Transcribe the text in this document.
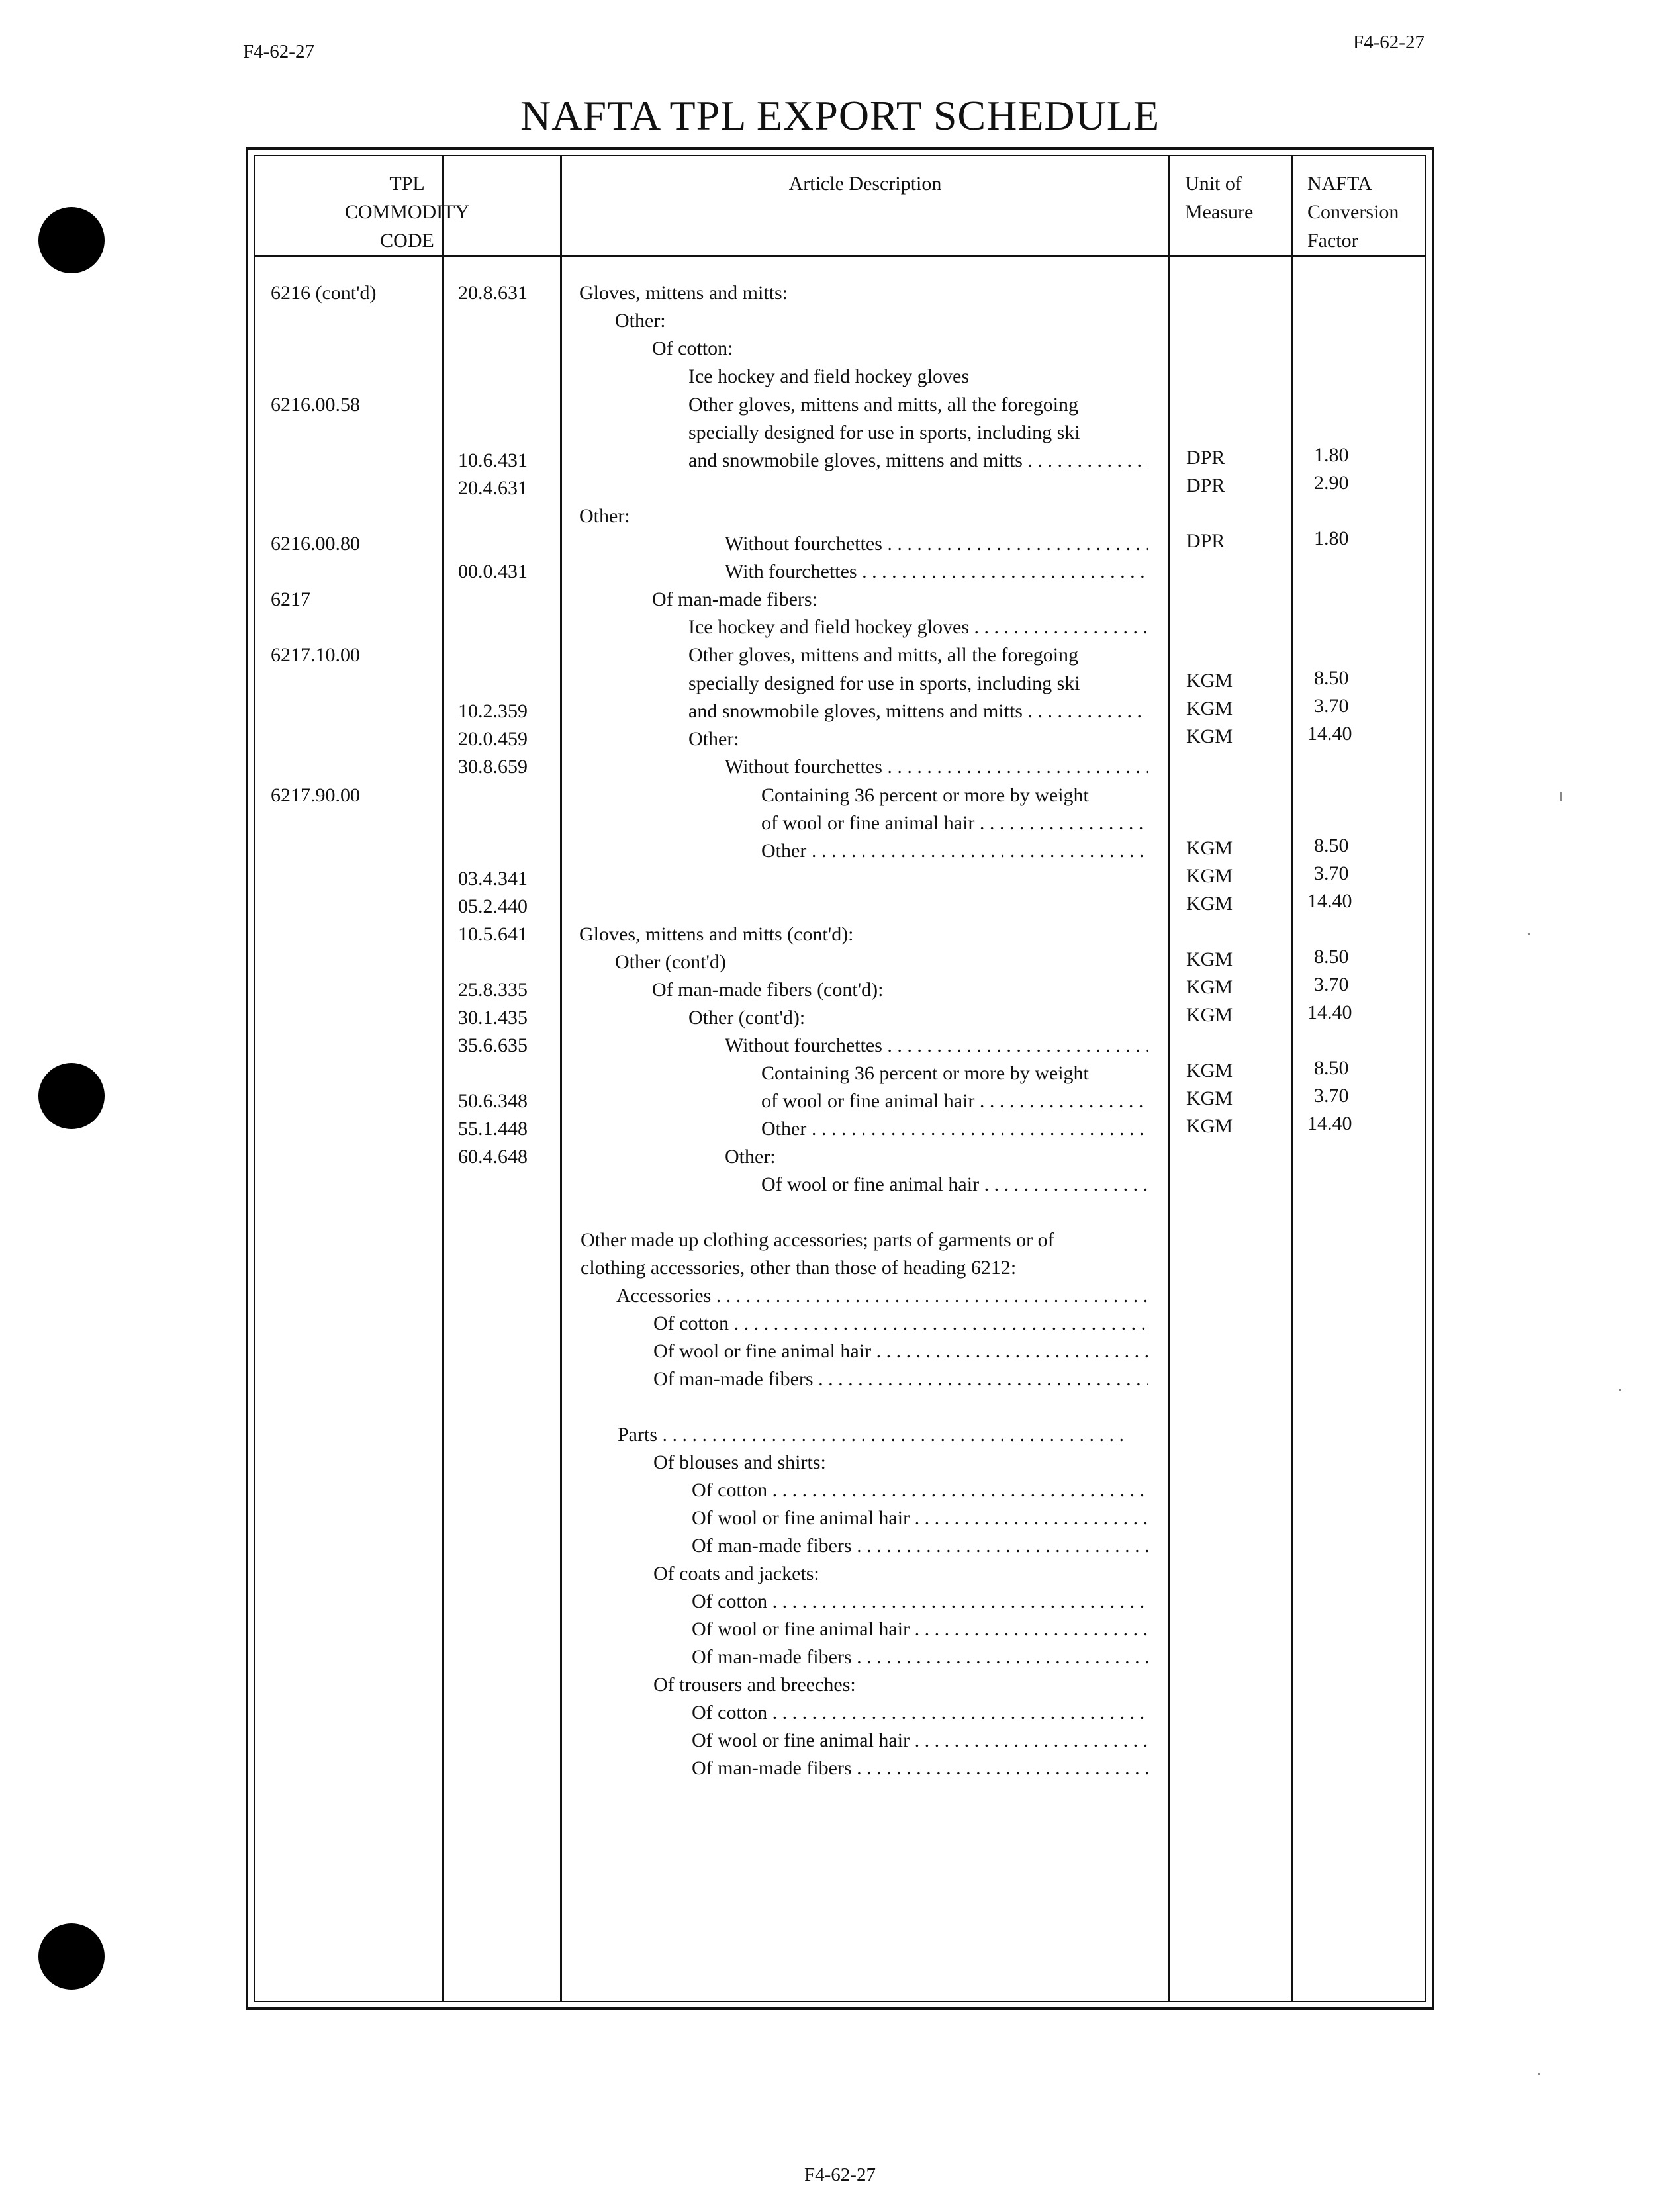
F4-62-27	F4-62-27
NAFTA TPL EXPORT SCHEDULE
TPL
COMMODITY
CODE
Article Description	Unit of
Measure
NAFTA
Conversion
Factor
6216 (cont'd)
6216.00.58
6216.00.80
6217
6217.10.00
6217.90.00
20.8.631
10.6.431
20.4.631
00.0.431
10.2.359
20.0.459
30.8.659
03.4.341
05.2.440
10.5.641
25.8.335
30.1.435
35.6.635
50.6.348
55.1.448
60.4.648
Gloves, mittens and mitts:
Other:
Of cotton:
Ice hockey and field hockey gloves
Other gloves, mittens and mitts, all the foregoing
specially designed for use in sports, including ski
and snowmobile gloves, mittens and mitts . . .
Other:
Without fourchettes . . .
With fourchettes . . .
Of man-made fibers:
Ice hockey and field hockey gloves . . .
Other gloves, mittens and mitts, all the foregoing
specially designed for use in sports, including ski
and snowmobile gloves, mittens and mitts . . .
Other:
Without fourchettes . . .
Containing 36 percent or more by weight
of wool or fine animal hair . . .
Other . . .
Gloves, mittens and mitts (cont'd):
Other (cont'd)
Of man-made fibers (cont'd):
Other (cont'd):
Without fourchettes . . .
Containing 36 percent or more by weight
of wool or fine animal hair . . .
Other . . .
Other:
Of wool or fine animal hair . . .
Other made up clothing accessories; parts of garments or of
clothing accessories, other than those of heading 6212:
Accessories . . .
Of cotton . . .
Of wool or fine animal hair . . .
Of man-made fibers . . .
Parts . . .
Of blouses and shirts:
Of cotton . . .
Of wool or fine animal hair . . .
Of man-made fibers . . .
Of coats and jackets:
Of cotton . . .
Of wool or fine animal hair . . .
Of man-made fibers . . .
Of trousers and breeches:
Of cotton . . .
Of wool or fine animal hair . . .
Of man-made fibers . . .
DPR
DPR
DPR
KGM
KGM
KGM
KGM
KGM
KGM
KGM
KGM
KGM
KGM
KGM
KGM
1.80
2.90
1.80
8.50
3.70
14.40
8.50
3.70
14.40
8.50
3.70
14.40
8.50
3.70
14.40
F4-62-27
